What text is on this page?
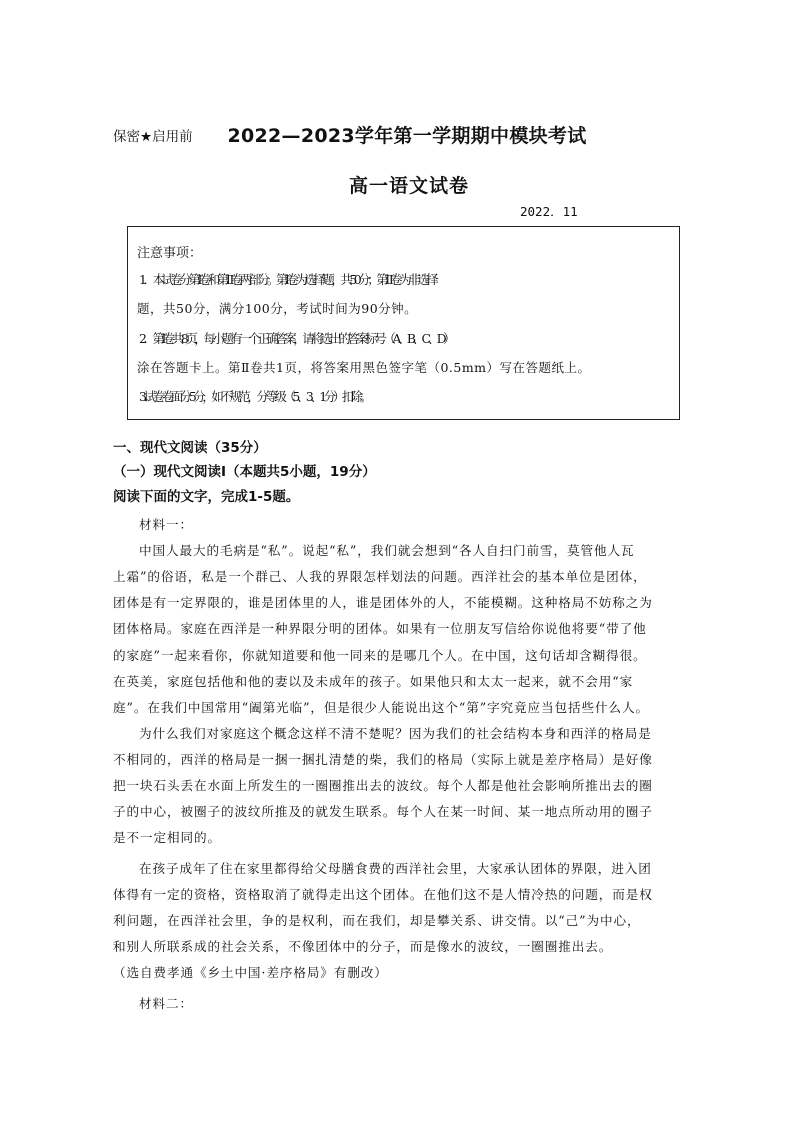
保密★启用前	2022—2023学年第一学期期中模块考试
高一语文试卷
2022．11
注意事项：
1．本试卷分第Ⅰ卷和第Ⅱ卷两部分。第Ⅰ卷为选择题，共50分；第Ⅱ卷为非选择
题，共50分，满分100分，考试时间为90分钟。
2．第Ⅰ卷共8页，每小题有一个正确答案，请将选出的答案标号（A、B、C、D）
涂在答题卡上。第Ⅱ卷共1页，将答案用黑色签字笔（0.5mm）写在答题纸上。
3.试卷卷面分5分，如不规范，分等级（5、3、1分）扣除。
一、现代文阅读（35分）
（一）现代文阅读Ⅰ（本题共5小题，19分）
阅读下面的文字，完成1-5题。
材料一：
中国人最大的毛病是“私”。说起“私”，我们就会想到“各人自扫门前雪，莫管他人瓦
上霜”的俗语，私是一个群己、人我的界限怎样划法的问题。西洋社会的基本单位是团体，
团体是有一定界限的，谁是团体里的人，谁是团体外的人，不能模糊。这种格局不妨称之为
团体格局。家庭在西洋是一种界限分明的团体。如果有一位朋友写信给你说他将要“带了他
的家庭”一起来看你，你就知道要和他一同来的是哪几个人。在中国，这句话却含糊得很。
在英美，家庭包括他和他的妻以及未成年的孩子。如果他只和太太一起来，就不会用“家
庭”。在我们中国常用“阖第光临”，但是很少人能说出这个“第”字究竟应当包括些什么人。
为什么我们对家庭这个概念这样不清不楚呢？因为我们的社会结构本身和西洋的格局是
不相同的，西洋的格局是一捆一捆扎清楚的柴，我们的格局（实际上就是差序格局）是好像
把一块石头丢在水面上所发生的一圈圈推出去的波纹。每个人都是他社会影响所推出去的圈
子的中心，被圈子的波纹所推及的就发生联系。每个人在某一时间、某一地点所动用的圈子
是不一定相同的。
在孩子成年了住在家里都得给父母膳食费的西洋社会里，大家承认团体的界限，进入团
体得有一定的资格，资格取消了就得走出这个团体。在他们这不是人情冷热的问题，而是权
利问题，在西洋社会里，争的是权利，而在我们，却是攀关系、讲交情。以“己”为中心，
和别人所联系成的社会关系，不像团体中的分子，而是像水的波纹，一圈圈推出去。
（选自费孝通《乡土中国·差序格局》有删改）
材料二：
